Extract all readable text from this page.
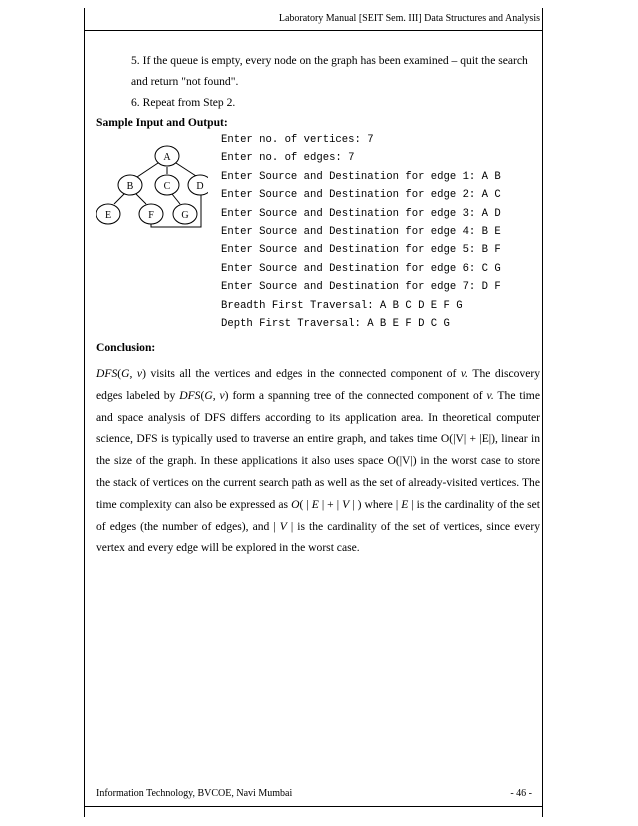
Laboratory Manual [SEIT Sem. III] Data Structures and Analysis
5. If the queue is empty, every node on the graph has been examined – quit the search
and return "not found".
6. Repeat from Step 2.
Sample Input and Output:
A
B	C	D
E	F	G
Enter no. of vertices: 7
Enter no. of edges: 7
Enter Source and Destination for edge 1: A B
Enter Source and Destination for edge 2: A C
Enter Source and Destination for edge 3: A D
Enter Source and Destination for edge 4: B E
Enter Source and Destination for edge 5: B F
Enter Source and Destination for edge 6: C G
Enter Source and Destination for edge 7: D F
Breadth First Traversal: A B C D E F G
Depth First Traversal: A B E F D C G
Conclusion:

DFS(G, v) visits all the vertices and edges in the connected component of v. The discovery edges labeled by DFS(G, v) form a spanning tree of the connected component of v. The time and space analysis of DFS differs according to its application area. In theoretical computer science, DFS is typically used to traverse an entire graph, and takes time O(|V| + |E|), linear in the size of the graph. In these applications it also uses space O(|V|) in the worst case to store the stack of vertices on the current search path as well as the set of already-visited vertices. The time complexity can also be expressed as O( | E | + | V | ) where | E | is the cardinality of the set of edges (the number of edges), and | V | is the cardinality of the set of vertices, since every vertex and every edge will be explored in the worst case.

Information Technology, BVCOE, Navi Mumbai	- 46 -
